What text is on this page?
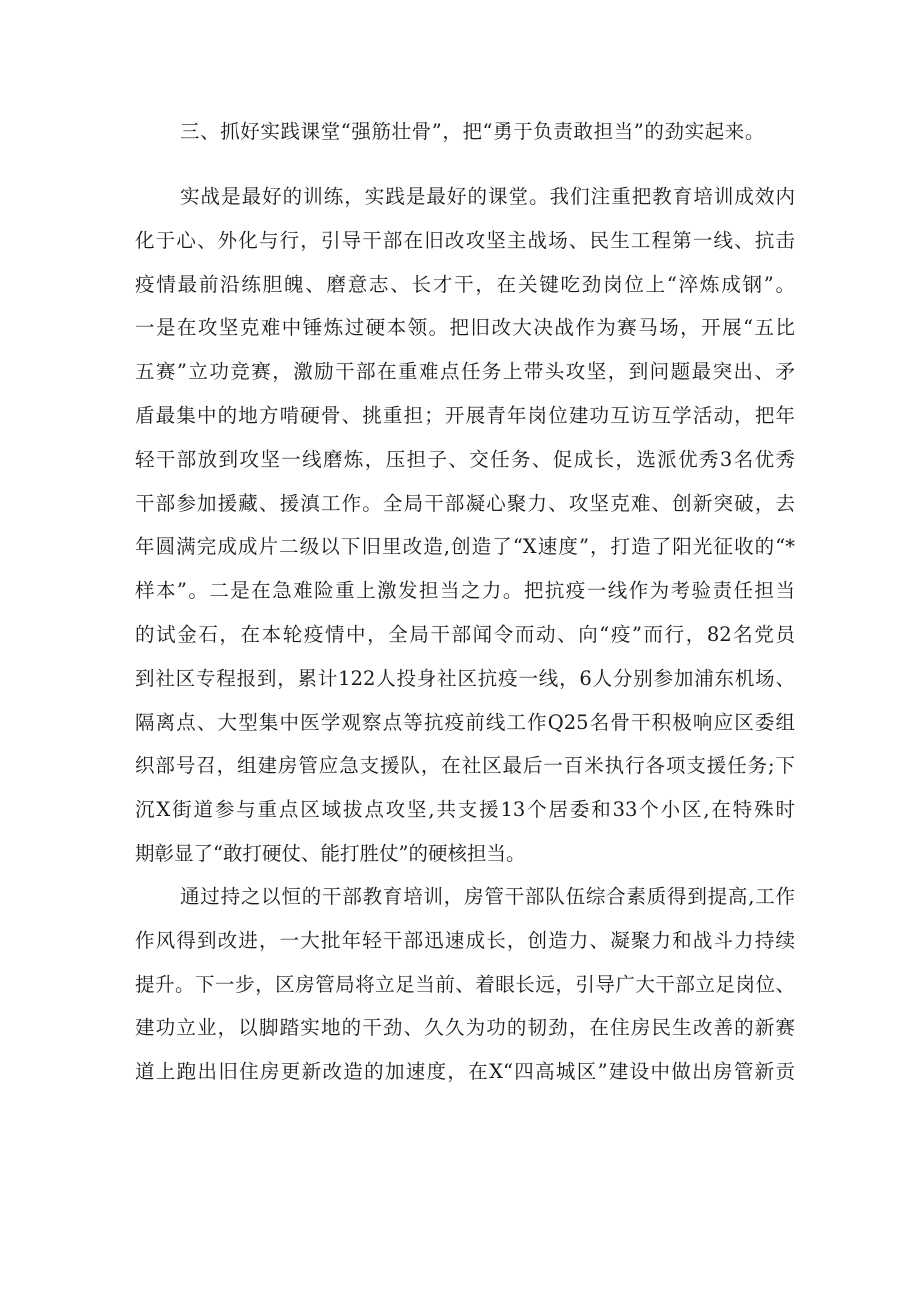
三、抓好实践课堂“强筋壮骨”，把“勇于负责敢担当”的劲实起来。
实战是最好的训练，实践是最好的课堂。我们注重把教育培训成效内
化于心、外化与行，引导干部在旧改攻坚主战场、民生工程第一线、抗击
疫情最前沿练胆魄、磨意志、长才干，在关键吃劲岗位上“淬炼成钢”。
一是在攻坚克难中锤炼过硬本领。把旧改大决战作为赛马场，开展“五比
五赛”立功竞赛，激励干部在重难点任务上带头攻坚，到问题最突出、矛
盾最集中的地方啃硬骨、挑重担；开展青年岗位建功互访互学活动，把年
轻干部放到攻坚一线磨炼，压担子、交任务、促成长，选派优秀3名优秀
干部参加援藏、援滇工作。全局干部凝心聚力、攻坚克难、创新突破，去
年圆满完成成片二级以下旧里改造,创造了“X速度”，打造了阳光征收的“*
样本”。二是在急难险重上激发担当之力。把抗疫一线作为考验责任担当
的试金石，在本轮疫情中，全局干部闻令而动、向“疫”而行，82名党员
到社区专程报到，累计122人投身社区抗疫一线，6人分别参加浦东机场、
隔离点、大型集中医学观察点等抗疫前线工作Q25名骨干积极响应区委组
织部号召，组建房管应急支援队，在社区最后一百米执行各项支援任务;下
沉X街道参与重点区域拔点攻坚,共支援13个居委和33个小区,在特殊时
期彰显了“敢打硬仗、能打胜仗”的硬核担当。
通过持之以恒的干部教育培训，房管干部队伍综合素质得到提高,工作
作风得到改进，一大批年轻干部迅速成长，创造力、凝聚力和战斗力持续
提升。下一步，区房管局将立足当前、着眼长远，引导广大干部立足岗位、
建功立业，以脚踏实地的干劲、久久为功的韧劲，在住房民生改善的新赛
道上跑出旧住房更新改造的加速度，在X“四高城区”建设中做出房管新贡
